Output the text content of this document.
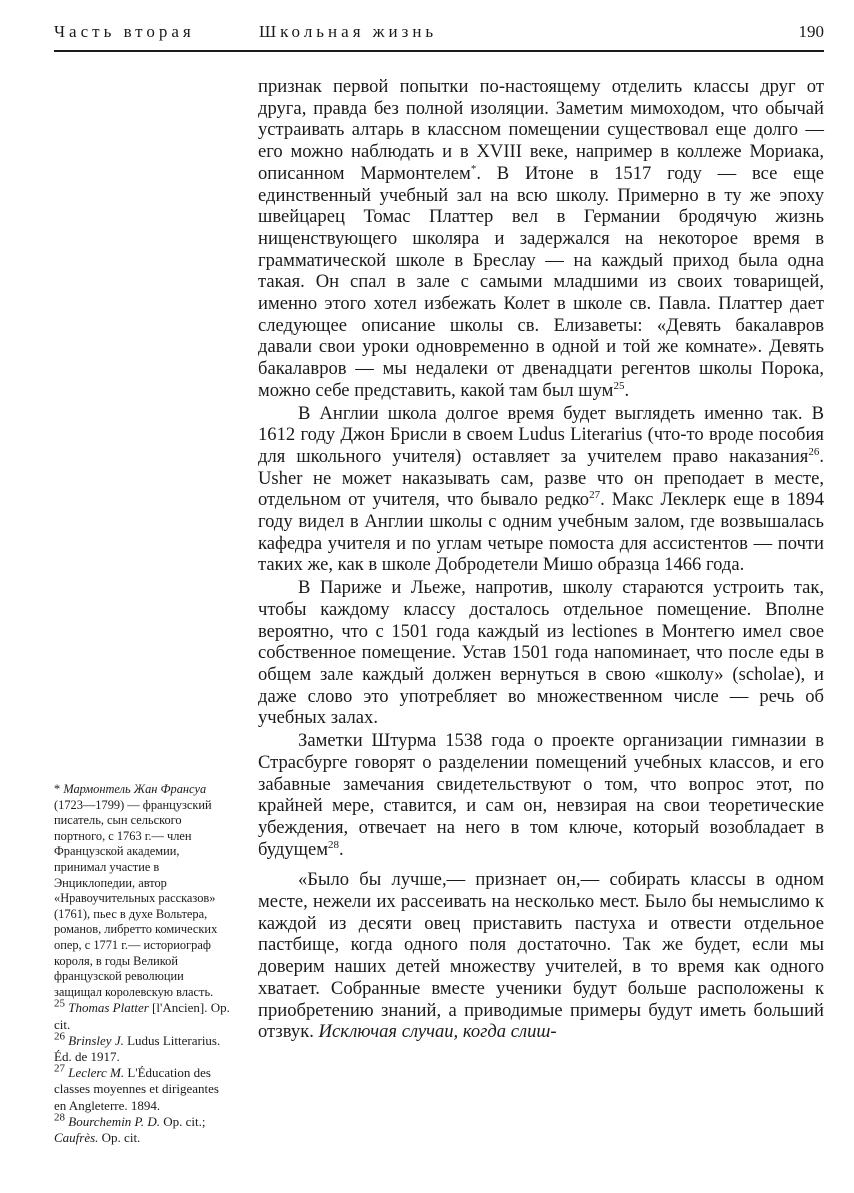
Часть вторая	Школьная жизнь	190

признак первой попытки по-настоящему отделить классы друг от друга, правда без полной изоляции. Заметим мимоходом, что обычай устраивать алтарь в классном помещении существовал еще долго — его можно наблюдать и в XVIII веке, например в коллеже Мориака, описанном Мармонтелем*. В Итоне в 1517 году — все еще единственный учебный зал на всю школу. Примерно в ту же эпоху швейцарец Томас Платтер вел в Германии бродячую жизнь нищенствующего школяра и задержался на некоторое время в грамматической школе в Бреслау — на каждый приход была одна такая. Он спал в зале с самыми младшими из своих товарищей, именно этого хотел избежать Колет в школе св. Павла. Платтер дает следующее описание школы св. Елизаветы: «Девять бакалавров давали свои уроки одновременно в одной и той же комнате». Девять бакалавров — мы недалеки от двенадцати регентов школы Порока, можно себе представить, какой там был шум$^{25}$.

В Англии школа долгое время будет выглядеть именно так. В 1612 году Джон Брисли в своем Ludus Literarius (что-то вроде пособия для школьного учителя) оставляет за учителем право наказания$^{26}$. Usher не может наказывать сам, разве что он преподает в месте, отдельном от учителя, что бывало редко$^{27}$. Макс Леклерк еще в 1894 году видел в Англии школы с одним учебным залом, где возвышалась кафедра учителя и по углам четыре помоста для ассистентов — почти таких же, как в школе Добродетели Мишо образца 1466 года.

В Париже и Льеже, напротив, школу стараются устроить так, чтобы каждому классу досталось отдельное помещение. Вполне вероятно, что с 1501 года каждый из lectiones в Монтегю имел свое собственное помещение. Устав 1501 года напоминает, что после еды в общем зале каждый должен вернуться в свою «школу» (scholae), и даже слово это употребляет во множественном числе — речь об учебных залах.

Заметки Штурма 1538 года о проекте организации гимназии в Страсбурге говорят о разделении помещений учебных классов, и его забавные замечания свидетельствуют о том, что вопрос этот, по крайней мере, ставится, и сам он, невзирая на свои теоретические убеждения, отвечает на него в том ключе, который возобладает в будущем$^{28}$.

«Было бы лучше,— признает он,— собирать классы в одном месте, нежели их рассеивать на несколько мест. Было бы немыслимо к каждой из десяти овец приставить пастуха и отвести отдельное пастбище, когда одного поля достаточно. Так же будет, если мы доверим наших детей множеству учителей, в то время как одного хватает. Собранные вместе ученики будут больше расположены к приобретению знаний, а приводимые примеры будут иметь больший отзвук. Исключая случаи, когда слиш-

* Мармонтель Жан Франсуа (1723—1799) — французский писатель, сын сельского портного, с 1763 г.— член Французской академии, принимал участие в Энциклопедии, автор «Нравоучительных рассказов» (1761), пьес в духе Вольтера, романов, либретто комических опер, с 1771 г.— историограф короля, в годы Великой французской революции защищал королевскую власть.

$^{25}$ Thomas Platter [l'Ancien]. Op. cit.

$^{26}$ Brinsley J. Ludus Litterarius. Éd. de 1917.

$^{27}$ Leclerc M. L'Éducation des classes moyennes et dirigeantes en Angleterre. 1894.

$^{28}$ Bourchemin P. D. Op. cit.; Caufrès. Op. cit.
